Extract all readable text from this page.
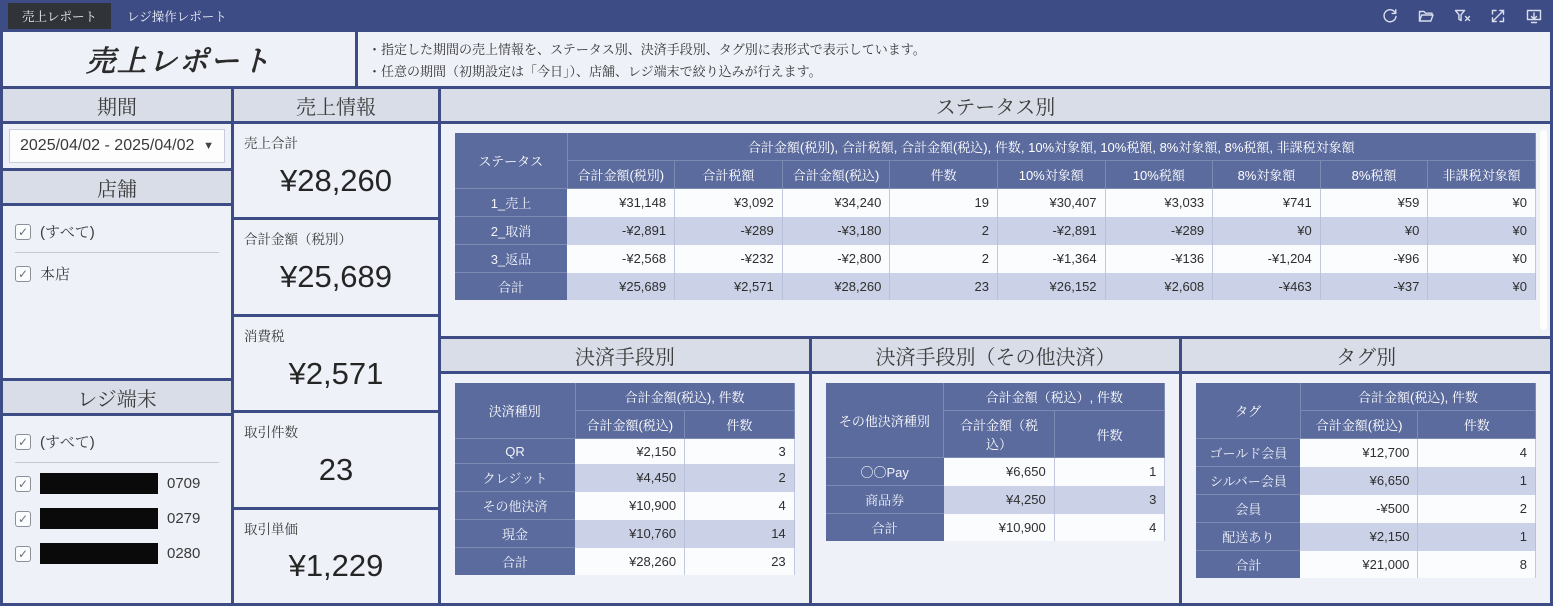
売上レポート	レジ操作レポート
売上レポート	・指定した期間の売上情報を、ステータス別、決済手段別、タグ別に表形式で表示しています。
・任意の期間（初期設定は「今日」）、店舗、レジ端末で絞り込みが行えます。
期間
2025/04/02 - 2025/04/02 ▼
店舗
✓ (すべて)
✓ 本店
レジ端末
✓ (すべて)
✓	0709
✓	0279
✓	0280
売上情報
売上合計
¥28,260
合計金額（税別）
¥25,689
消費税
¥2,571
取引件数
23
取引単価
¥1,229
ステータス別
ステータス	合計金額(税別), 合計税額, 合計金額(税込), 件数, 10%対象額, 10%税額, 8%対象額, 8%税額, 非課税対象額								
	合計金額(税別)	合計税額	合計金額(税込)	件数	10%対象額	10%税額	8%対象額	8%税額	非課税対象額
1_売上	¥31,148	¥3,092	¥34,240	19	¥30,407	¥3,033	¥741	¥59	¥0
2_取消	-¥2,891	-¥289	-¥3,180	2	-¥2,891	-¥289	¥0	¥0	¥0
3_返品	-¥2,568	-¥232	-¥2,800	2	-¥1,364	-¥136	-¥1,204	-¥96	¥0
合計	¥25,689	¥2,571	¥28,260	23	¥26,152	¥2,608	-¥463	-¥37	¥0
決済手段別
決済種別	合計金額(税込), 件数	
	合計金額(税込)	件数
QR	¥2,150	3
クレジット	¥4,450	2
その他決済	¥10,900	4
現金	¥10,760	14
合計	¥28,260	23
決済手段別（その他決済）
その他決済種別	合計金額（税込）, 件数	
	合計金額（税込）	件数
〇〇Pay	¥6,650	1
商品券	¥4,250	3
合計	¥10,900	4
タグ別
タグ	合計金額(税込), 件数	
	合計金額(税込)	件数
ゴールド会員	¥12,700	4
シルバー会員	¥6,650	1
会員	-¥500	2
配送あり	¥2,150	1
合計	¥21,000	8
